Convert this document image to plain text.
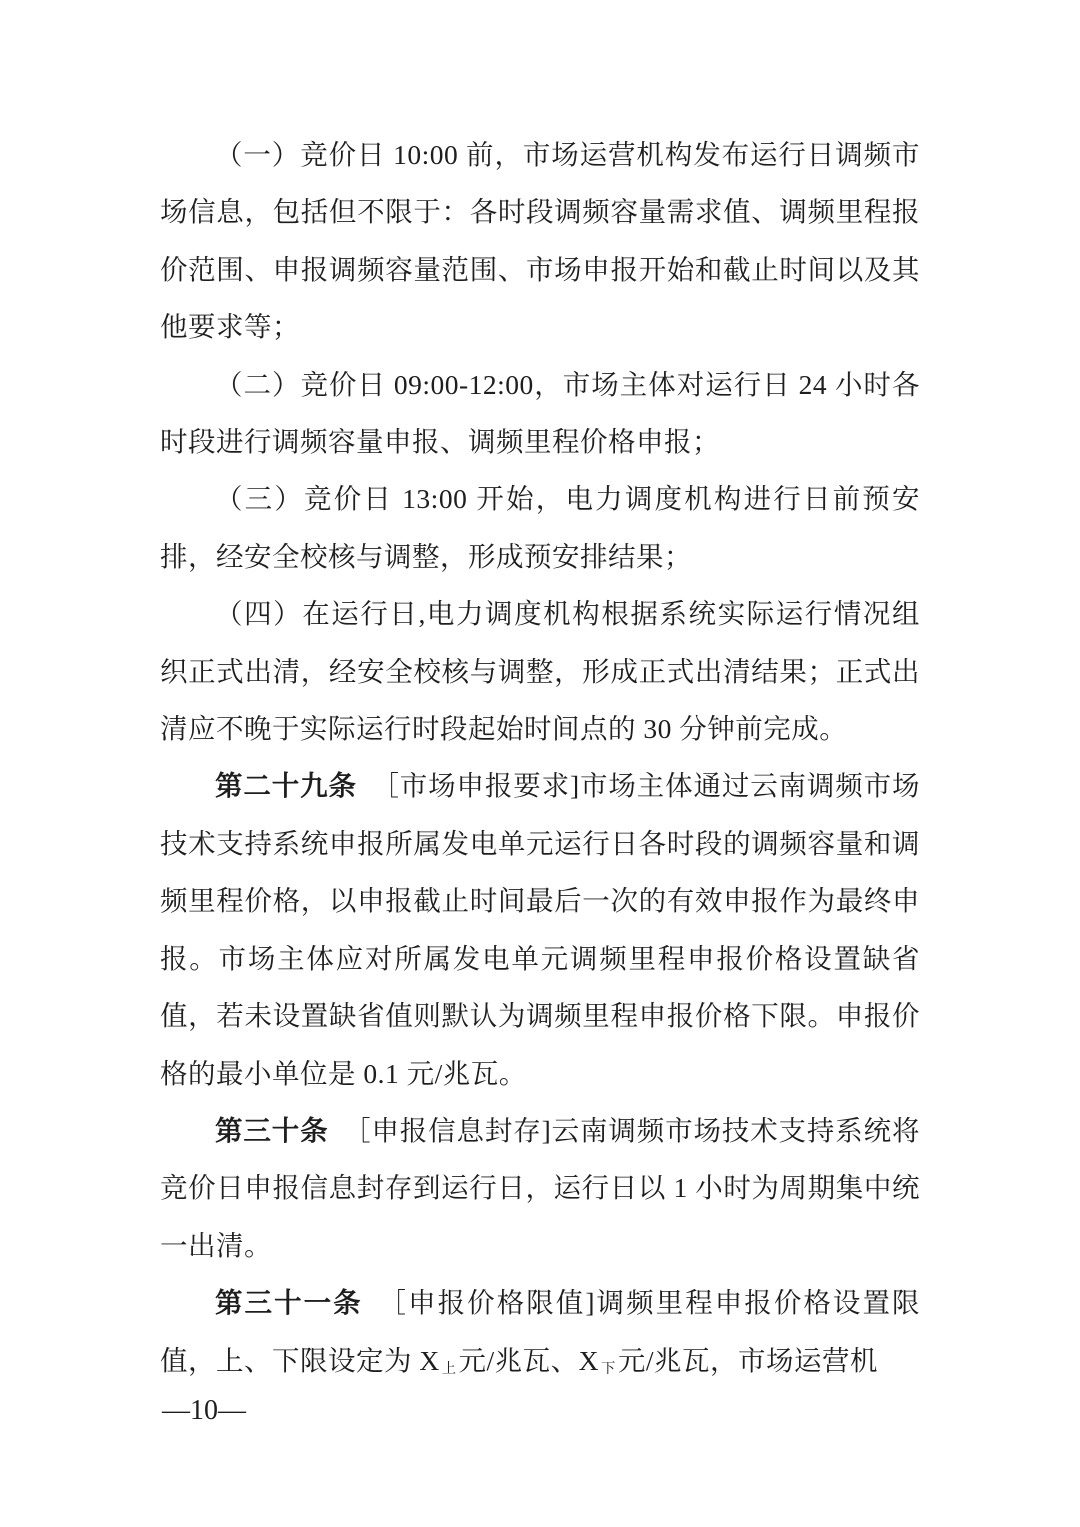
（一）竞价日 10:00 前，市场运营机构发布运行日调频市场信息，包括但不限于：各时段调频容量需求值、调频里程报价范围、申报调频容量范围、市场申报开始和截止时间以及其他要求等；

（二）竞价日 09:00-12:00，市场主体对运行日 24 小时各时段进行调频容量申报、调频里程价格申报；

（三）竞价日 13:00 开始，电力调度机构进行日前预安排，经安全校核与调整，形成预安排结果；

（四）在运行日,电力调度机构根据系统实际运行情况组织正式出清，经安全校核与调整，形成正式出清结果；正式出清应不晚于实际运行时段起始时间点的 30 分钟前完成。

第二十九条　［市场申报要求]市场主体通过云南调频市场技术支持系统申报所属发电单元运行日各时段的调频容量和调频里程价格，以申报截止时间最后一次的有效申报作为最终申报。市场主体应对所属发电单元调频里程申报价格设置缺省值，若未设置缺省值则默认为调频里程申报价格下限。申报价格的最小单位是 0.1 元/兆瓦。

第三十条　［申报信息封存]云南调频市场技术支持系统将竞价日申报信息封存到运行日，运行日以 1 小时为周期集中统一出清。

第三十一条　［申报价格限值]调频里程申报价格设置限值，上、下限设定为 X 上元/兆瓦、X 下元/兆瓦，市场运营机

—10—
